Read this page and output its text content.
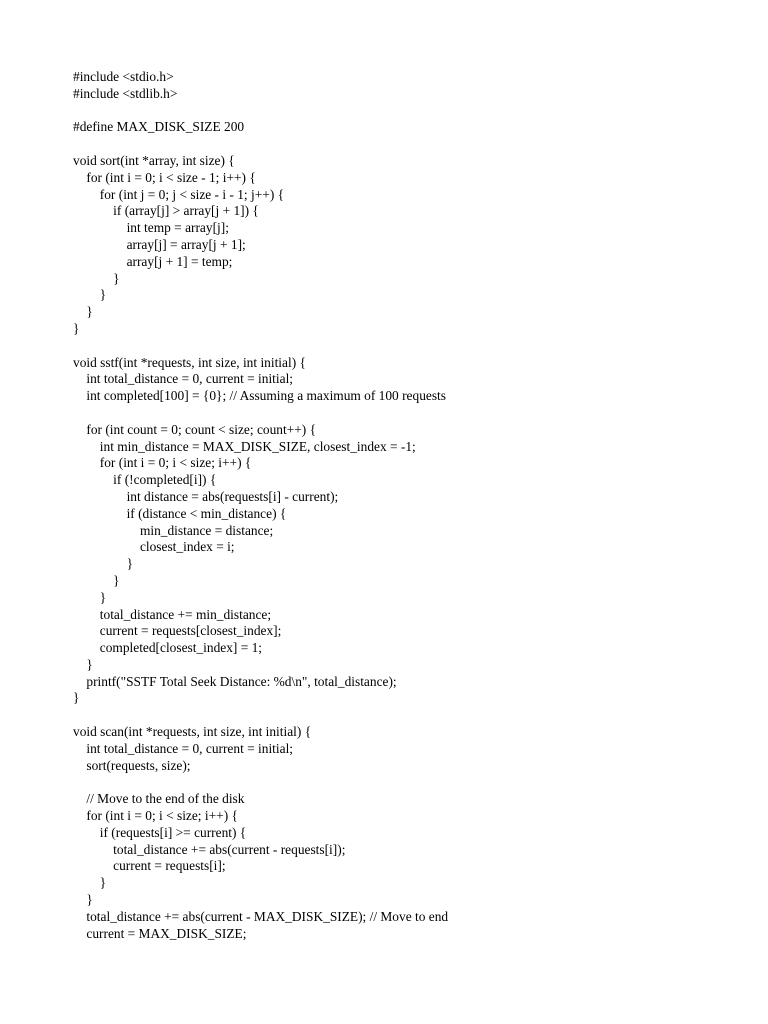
#include <stdio.h>
#include <stdlib.h>
#define MAX_DISK_SIZE 200
void sort(int *array, int size) {
for (int i = 0; i < size - 1; i++) {
for (int j = 0; j < size - i - 1; j++) {
if (array[j] > array[j + 1]) {
int temp = array[j];
array[j] = array[j + 1];
array[j + 1] = temp;
}
}
}
}
void sstf(int *requests, int size, int initial) {
int total_distance = 0, current = initial;
int completed[100] = {0}; // Assuming a maximum of 100 requests
for (int count = 0; count < size; count++) {
int min_distance = MAX_DISK_SIZE, closest_index = -1;
for (int i = 0; i < size; i++) {
if (!completed[i]) {
int distance = abs(requests[i] - current);
if (distance < min_distance) {
min_distance = distance;
closest_index = i;
}
}
}
total_distance += min_distance;
current = requests[closest_index];
completed[closest_index] = 1;
}
printf("SSTF Total Seek Distance: %d\n", total_distance);
}
void scan(int *requests, int size, int initial) {
int total_distance = 0, current = initial;
sort(requests, size);
// Move to the end of the disk
for (int i = 0; i < size; i++) {
if (requests[i] >= current) {
total_distance += abs(current - requests[i]);
current = requests[i];
}
}
total_distance += abs(current - MAX_DISK_SIZE); // Move to end
current = MAX_DISK_SIZE;
